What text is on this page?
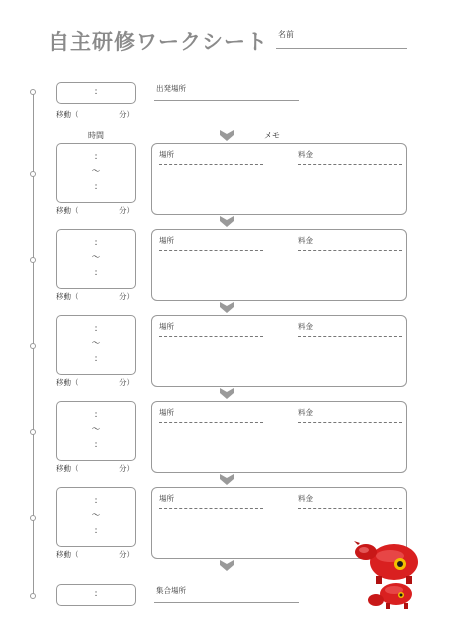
自主研修ワークシート 名前
:	出発場所
移動（	分）
時間	メモ
:
〜
:
場所	料金
移動（	分）
:
〜
:
場所	料金
移動（	分）
:
〜
:
場所	料金
移動（	分）
:
〜
:
場所	料金
移動（	分）
:
〜
:
場所	料金
移動（	分）
:	集合場所
